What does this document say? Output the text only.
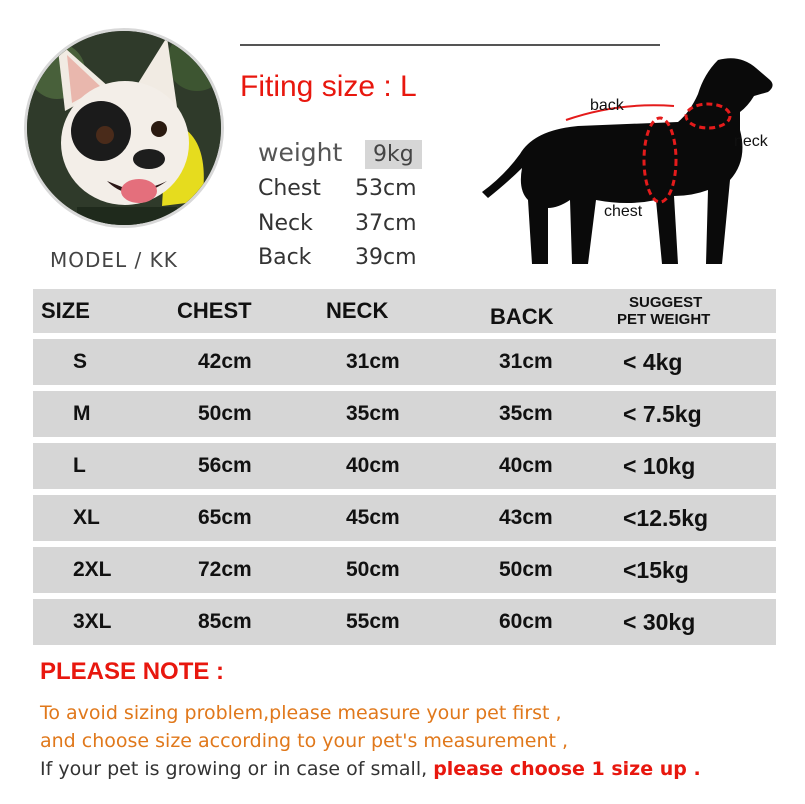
MODEL / KK
Fiting size : L
weight 9kg
Chest 53cm
Neck 37cm
Back 39cm
back
neck
chest
SIZE	CHEST	NECK	BACK
SUGGEST
PET WEIGHT
S	42cm	31cm	31cm	< 4kg
M	50cm	35cm	35cm	< 7.5kg
L	56cm	40cm	40cm	< 10kg
XL	65cm	45cm	43cm	<12.5kg
2XL	72cm	50cm	50cm	<15kg
3XL	85cm	55cm	60cm	< 30kg
PLEASE NOTE :
To avoid sizing problem,please measure your pet first ,
and choose size according to your pet's measurement ,
If your pet is growing or in case of small, please choose 1 size up .
